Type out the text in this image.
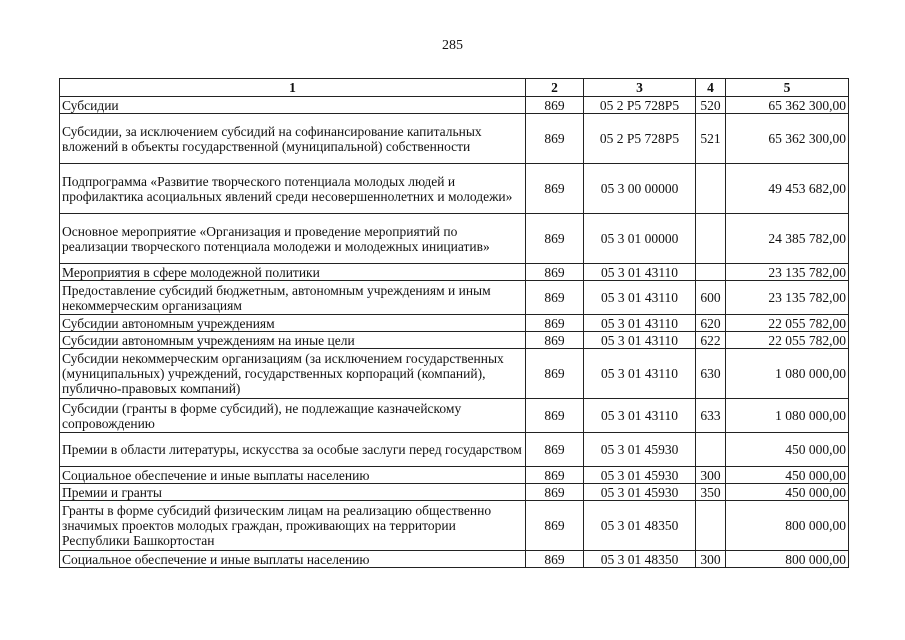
285
1	2	3	4	5
Субсидии	869	05 2 P5 728P5	520	65 362 300,00
Субсидии, за исключением субсидий на софинансирование капитальных вложений в объекты государственной (муниципальной) собственности	869	05 2 P5 728P5	521	65 362 300,00
Подпрограмма «Развитие творческого потенциала молодых людей и профилактика асоциальных явлений среди несовершеннолетних и молодежи»	869	05 3 00 00000		49 453 682,00
Основное мероприятие «Организация и проведение мероприятий по реализации творческого потенциала молодежи и молодежных инициатив»	869	05 3 01 00000		24 385 782,00
Мероприятия в сфере молодежной политики	869	05 3 01 43110		23 135 782,00
Предоставление субсидий бюджетным, автономным учреждениям и иным некоммерческим организациям	869	05 3 01 43110	600	23 135 782,00
Субсидии автономным учреждениям	869	05 3 01 43110	620	22 055 782,00
Субсидии автономным учреждениям на иные цели	869	05 3 01 43110	622	22 055 782,00
Субсидии некоммерческим организациям (за исключением государственных (муниципальных) учреждений, государственных корпораций (компаний), публично-правовых компаний)	869	05 3 01 43110	630	1 080 000,00
Субсидии (гранты в форме субсидий), не подлежащие казначейскому сопровождению	869	05 3 01 43110	633	1 080 000,00
Премии в области литературы, искусства за особые заслуги перед государством	869	05 3 01 45930		450 000,00
Социальное обеспечение и иные выплаты населению	869	05 3 01 45930	300	450 000,00
Премии и гранты	869	05 3 01 45930	350	450 000,00
Гранты в форме субсидий физическим лицам на реализацию общественно значимых проектов молодых граждан, проживающих на территории Республики Башкортостан	869	05 3 01 48350		800 000,00
Социальное обеспечение и иные выплаты населению	869	05 3 01 48350	300	800 000,00
